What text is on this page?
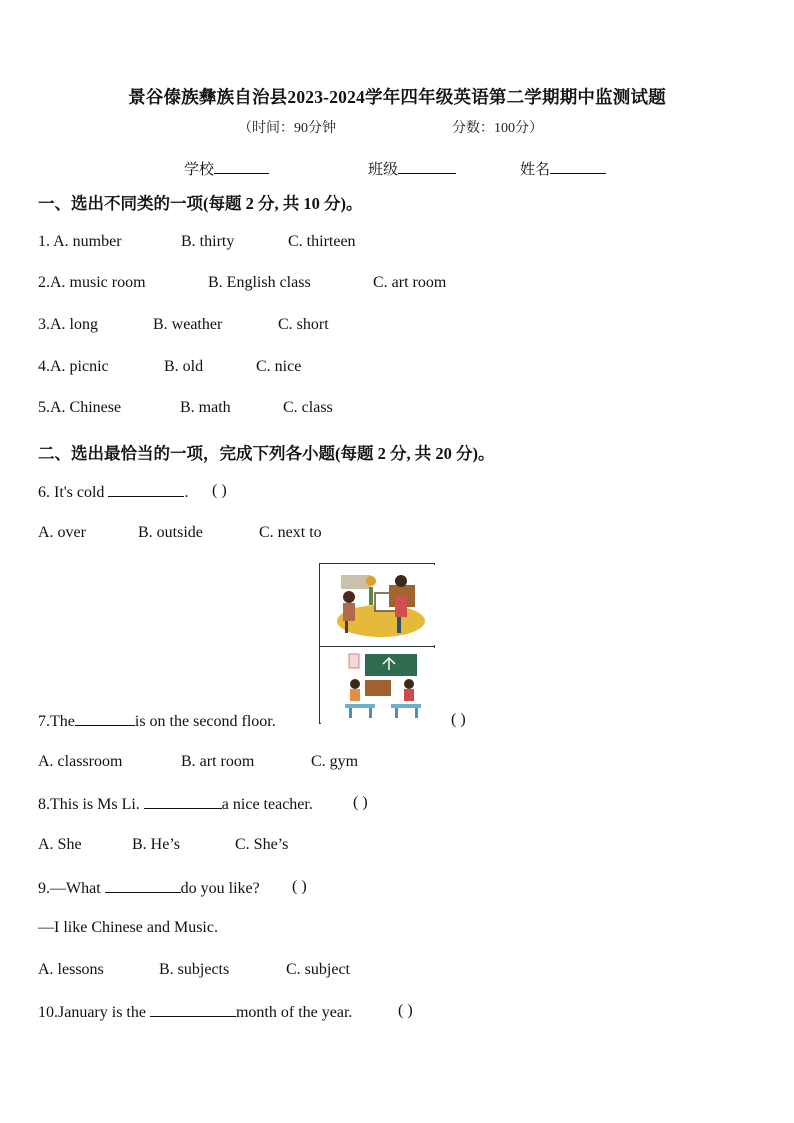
景谷傣族彝族自治县2023-2024学年四年级英语第二学期期中监测试题
（时间：90分钟	分数：100分）
学校	班级	姓名
一、选出不同类的一项(每题 2 分, 共 10 分)。
1. A. number	B. thirty	C. thirteen
2.A. music room	B. English class	C. art room
3.A. long	B. weather	C. short
4.A. picnic	B. old	C. nice
5.A. Chinese	B. math	C. class
二、选出最恰当的一项，完成下列各小题(每题 2 分, 共 20 分)。
6. It's cold	. ( )
A. over	B. outside	C. next to
7.The	is on the second floor.	( )
A. classroom	B. art room	C. gym
8.This is Ms Li.	a nice teacher.	( )
A. She	B. He’s	C. She’s
9.—What	do you like? ( )
—I like Chinese and Music.
A. lessons	B. subjects	C. subject
10.January is the	month of the year.	( )
